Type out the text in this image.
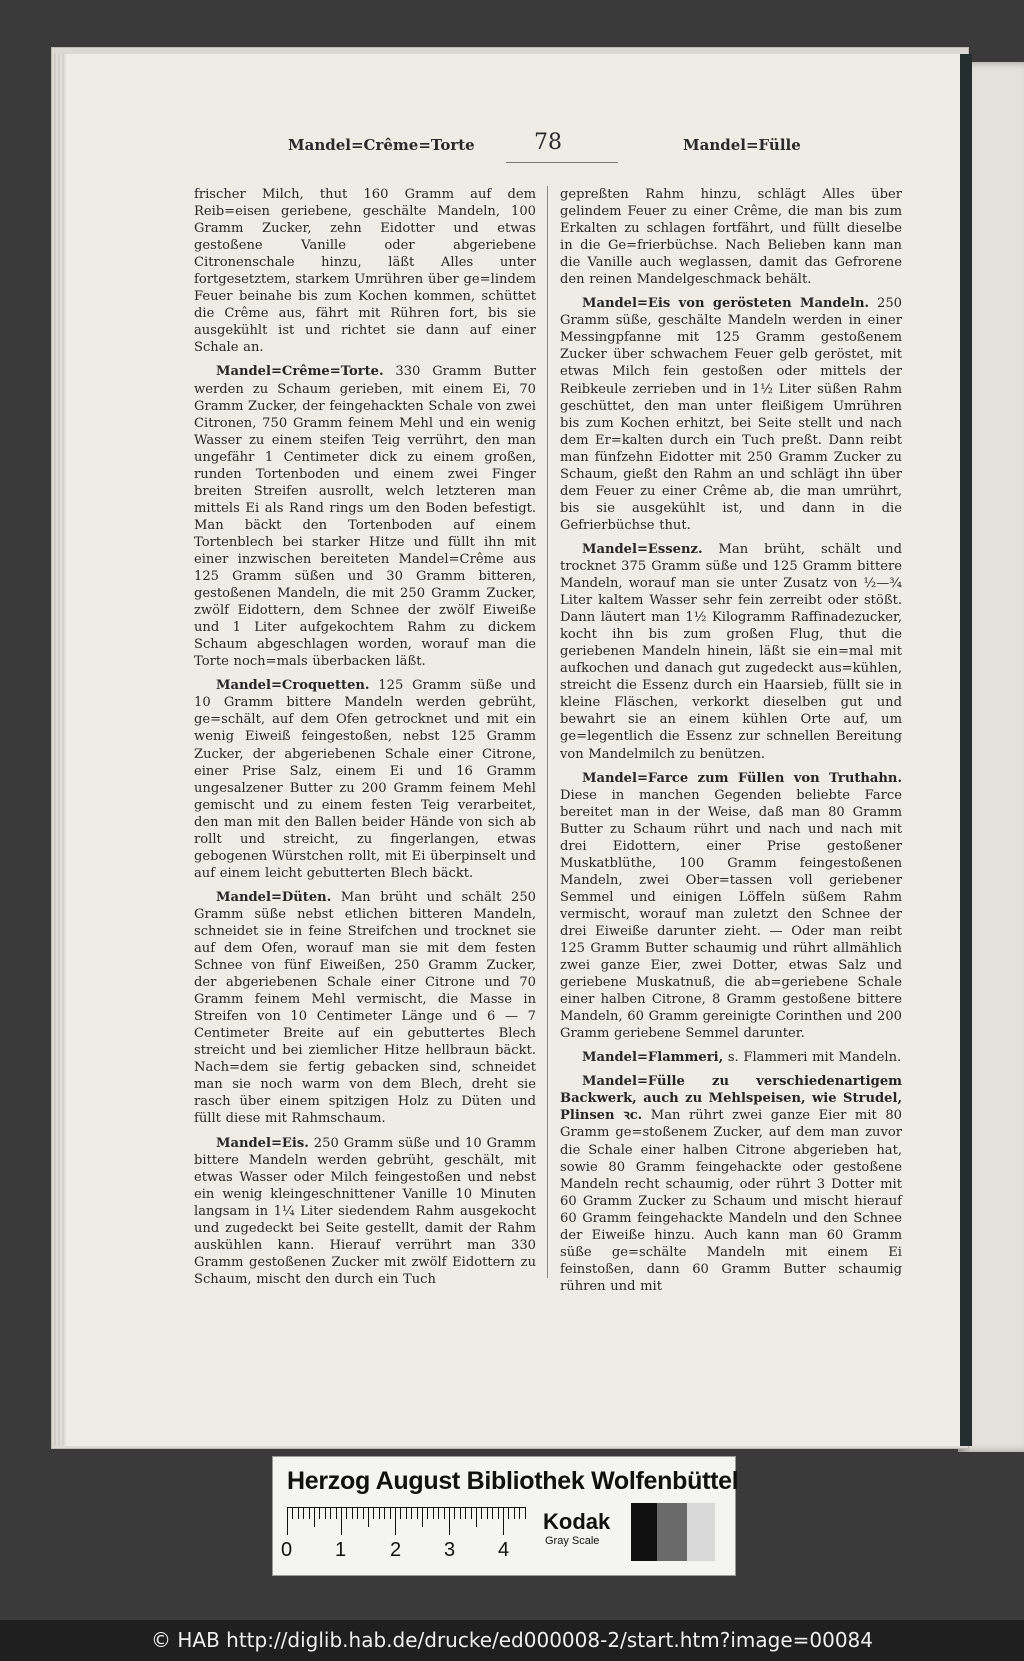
Mandel=Crême=Torte	78	Mandel=Fülle

frischer Milch, thut 160 Gramm auf dem Reib=eisen geriebene, geschälte Mandeln, 100 Gramm Zucker, zehn Eidotter und etwas gestoßene Vanille oder abgeriebene Citronenschale hinzu, läßt Alles unter fortgesetztem, starkem Umrühren über ge=lindem Feuer beinahe bis zum Kochen kommen, schüttet die Crême aus, fährt mit Rühren fort, bis sie ausgekühlt ist und richtet sie dann auf einer Schale an.

Mandel=Crême=Torte. 330 Gramm Butter werden zu Schaum gerieben, mit einem Ei, 70 Gramm Zucker, der feingehackten Schale von zwei Citronen, 750 Gramm feinem Mehl und ein wenig Wasser zu einem steifen Teig verrührt, den man ungefähr 1 Centimeter dick zu einem großen, runden Tortenboden und einem zwei Finger breiten Streifen ausrollt, welch letzteren man mittels Ei als Rand rings um den Boden befestigt. Man bäckt den Tortenboden auf einem Tortenblech bei starker Hitze und füllt ihn mit einer inzwischen bereiteten Mandel=Crême aus 125 Gramm süßen und 30 Gramm bitteren, gestoßenen Mandeln, die mit 250 Gramm Zucker, zwölf Eidottern, dem Schnee der zwölf Eiweiße und 1 Liter aufgekochtem Rahm zu dickem Schaum abgeschlagen worden, worauf man die Torte noch=mals überbacken läßt.

Mandel=Croquetten. 125 Gramm süße und 10 Gramm bittere Mandeln werden gebrüht, ge=schält, auf dem Ofen getrocknet und mit ein wenig Eiweiß feingestoßen, nebst 125 Gramm Zucker, der abgeriebenen Schale einer Citrone, einer Prise Salz, einem Ei und 16 Gramm ungesalzener Butter zu 200 Gramm feinem Mehl gemischt und zu einem festen Teig verarbeitet, den man mit den Ballen beider Hände von sich ab rollt und streicht, zu fingerlangen, etwas gebogenen Würstchen rollt, mit Ei überpinselt und auf einem leicht gebutterten Blech bäckt.

Mandel=Düten. Man brüht und schält 250 Gramm süße nebst etlichen bitteren Mandeln, schneidet sie in feine Streifchen und trocknet sie auf dem Ofen, worauf man sie mit dem festen Schnee von fünf Eiweißen, 250 Gramm Zucker, der abgeriebenen Schale einer Citrone und 70 Gramm feinem Mehl vermischt, die Masse in Streifen von 10 Centimeter Länge und 6 — 7 Centimeter Breite auf ein gebuttertes Blech streicht und bei ziemlicher Hitze hellbraun bäckt. Nach=dem sie fertig gebacken sind, schneidet man sie noch warm von dem Blech, dreht sie rasch über einem spitzigen Holz zu Düten und füllt diese mit Rahmschaum.

Mandel=Eis. 250 Gramm süße und 10 Gramm bittere Mandeln werden gebrüht, geschält, mit etwas Wasser oder Milch feingestoßen und nebst ein wenig kleingeschnittener Vanille 10 Minuten langsam in 1¼ Liter siedendem Rahm ausgekocht und zugedeckt bei Seite gestellt, damit der Rahm auskühlen kann. Hierauf verrührt man 330 Gramm gestoßenen Zucker mit zwölf Eidottern zu Schaum, mischt den durch ein Tuch

gepreßten Rahm hinzu, schlägt Alles über gelindem Feuer zu einer Crême, die man bis zum Erkalten zu schlagen fortfährt, und füllt dieselbe in die Ge=frierbüchse. Nach Belieben kann man die Vanille auch weglassen, damit das Gefrorene den reinen Mandelgeschmack behält.

Mandel=Eis von gerösteten Mandeln. 250 Gramm süße, geschälte Mandeln werden in einer Messingpfanne mit 125 Gramm gestoßenem Zucker über schwachem Feuer gelb geröstet, mit etwas Milch fein gestoßen oder mittels der Reibkeule zerrieben und in 1½ Liter süßen Rahm geschüttet, den man unter fleißigem Umrühren bis zum Kochen erhitzt, bei Seite stellt und nach dem Er=kalten durch ein Tuch preßt. Dann reibt man fünfzehn Eidotter mit 250 Gramm Zucker zu Schaum, gießt den Rahm an und schlägt ihn über dem Feuer zu einer Crême ab, die man umrührt, bis sie ausgekühlt ist, und dann in die Gefrierbüchse thut.

Mandel=Essenz. Man brüht, schält und trocknet 375 Gramm süße und 125 Gramm bittere Mandeln, worauf man sie unter Zusatz von ½—¾ Liter kaltem Wasser sehr fein zerreibt oder stößt. Dann läutert man 1½ Kilogramm Raffinadezucker, kocht ihn bis zum großen Flug, thut die geriebenen Mandeln hinein, läßt sie ein=mal mit aufkochen und danach gut zugedeckt aus=kühlen, streicht die Essenz durch ein Haarsieb, füllt sie in kleine Fläschen, verkorkt dieselben gut und bewahrt sie an einem kühlen Orte auf, um ge=legentlich die Essenz zur schnellen Bereitung von Mandelmilch zu benützen.

Mandel=Farce zum Füllen von Truthahn. Diese in manchen Gegenden beliebte Farce bereitet man in der Weise, daß man 80 Gramm Butter zu Schaum rührt und nach und nach mit drei Eidottern, einer Prise gestoßener Muskatblüthe, 100 Gramm feingestoßenen Mandeln, zwei Ober=tassen voll geriebener Semmel und einigen Löffeln süßem Rahm vermischt, worauf man zuletzt den Schnee der drei Eiweiße darunter zieht. — Oder man reibt 125 Gramm Butter schaumig und rührt allmählich zwei ganze Eier, zwei Dotter, etwas Salz und geriebene Muskatnuß, die ab=geriebene Schale einer halben Citrone, 8 Gramm gestoßene bittere Mandeln, 60 Gramm gereinigte Corinthen und 200 Gramm geriebene Semmel darunter.

Mandel=Flammeri, s. Flammeri mit Mandeln.

Mandel=Fülle zu verschiedenartigem Backwerk, auch zu Mehlspeisen, wie Strudel, Plinsen ꝛc. Man rührt zwei ganze Eier mit 80 Gramm ge=stoßenem Zucker, auf dem man zuvor die Schale einer halben Citrone abgerieben hat, sowie 80 Gramm feingehackte oder gestoßene Mandeln recht schaumig, oder rührt 3 Dotter mit 60 Gramm Zucker zu Schaum und mischt hierauf 60 Gramm feingehackte Mandeln und den Schnee der Eiweiße hinzu. Auch kann man 60 Gramm süße ge=schälte Mandeln mit einem Ei feinstoßen, dann 60 Gramm Butter schaumig rühren und mit

Herzog August Bibliothek Wolfenbüttel
0 1 2 3 4
Kodak
Gray Scale
© HAB http://diglib.hab.de/drucke/ed000008-2/start.htm?image=00084
